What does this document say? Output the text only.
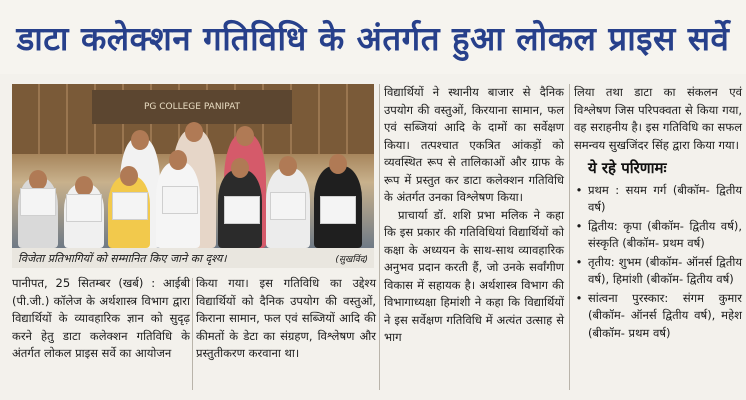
डाटा कलेक्शन गतिविधि के अंतर्गत हुआ लोकल प्राइस सर्वे
PG COLLEGE PANIPAT
विजेता प्रतिभागियों को सम्मानित किए जाने का दृश्य।	(सुखविंद)

पानीपत, 25 सितम्बर (खर्ब) : आईबी (पी.जी.) कॉलेज के अर्थशास्त्र विभाग द्वारा विद्यार्थियों के व्यावहारिक ज्ञान को सुदृढ़ करने हेतु डाटा कलेक्शन गतिविधि के अंतर्गत लोकल प्राइस सर्वे का आयोजन

किया गया। इस गतिविधि का उद्देश्य विद्यार्थियों को दैनिक उपयोग की वस्तुओं, किराना सामान, फल एवं सब्जियों आदि की कीमतों के डेटा का संग्रहण, विश्लेषण और प्रस्तुतीकरण करवाना था।

विद्यार्थियों ने स्थानीय बाजार से दैनिक उपयोग की वस्तुओं, किरयाना सामान, फल एवं सब्जियां आदि के दामों का सर्वेक्षण किया। तत्पश्चात एकत्रित आंकड़ों को व्यवस्थित रूप से तालिकाओं और ग्राफ के रूप में प्रस्तुत कर डाटा कलेक्शन गतिविधि के अंतर्गत उनका विश्लेषण किया।

प्राचार्या डॉ. शशि प्रभा मलिक ने कहा कि इस प्रकार की गतिविधियां विद्यार्थियों को कक्षा के अध्ययन के साथ-साथ व्यावहारिक अनुभव प्रदान करती हैं, जो उनके सर्वांगीण विकास में सहायक है। अर्थशास्त्र विभाग की विभागाध्यक्षा हिमांशी ने कहा कि विद्यार्थियों ने इस सर्वेक्षण गतिविधि में अत्यंत उत्साह से भाग

लिया तथा डाटा का संकलन एवं विश्लेषण जिस परिपक्वता से किया गया, वह सराहनीय है। इस गतिविधि का सफल समन्वय सुखजिंदर सिंह द्वारा किया गया।

ये रहे परिणामः
• प्रथम : सयम गर्ग (बीकॉम- द्वितीय वर्ष)
• द्वितीय: कृपा (बीकॉम- द्वितीय वर्ष), संस्कृति (बीकॉम- प्रथम वर्ष)
• तृतीय: शुभम (बीकॉम- ऑनर्स द्वितीय वर्ष), हिमांशी (बीकॉम- द्वितीय वर्ष)
• सांत्वना पुरस्कार: संगम कुमार (बीकॉम- ऑनर्स द्वितीय वर्ष), महेश (बीकॉम- प्रथम वर्ष)
